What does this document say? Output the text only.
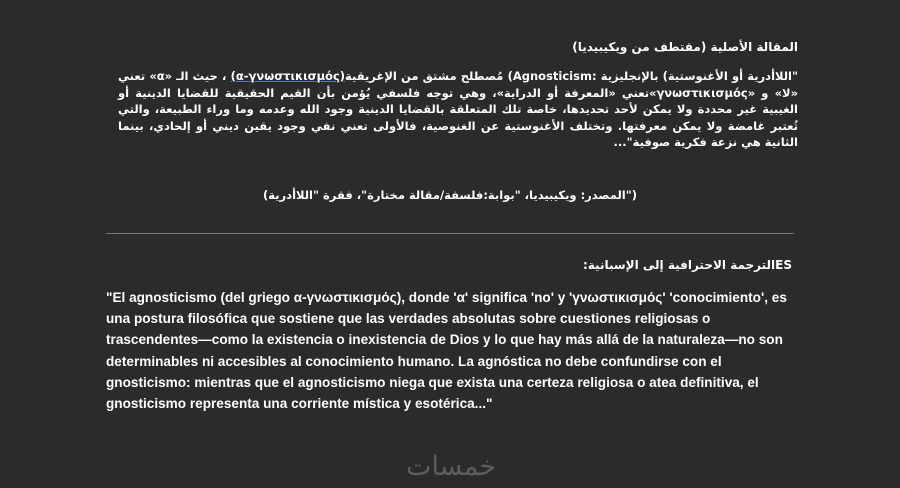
المقالة الأصلية (مقتطف من ويكيبيديا)
"اللاأدرية أو الأغنوستية) بالإنجليزية :Agnosticism) مُصطلح مشتق من الإغريقية(α-γνωστικισμός) ، حيث الـ «α» تعني «لا» و «γνωστικισμός»تعني «المعرفة أو الدراية»، وهي توجه فلسفي يُؤمن بأن القيم الحقيقية للقضايا الدينية أو الغيبية غير محددة ولا يمكن لأحد تحديدها، خاصة تلك المتعلقة بالقضايا الدينية وجود الله وعدمه وما وراء الطبيعة، والتي تُعتبر غامضة ولا يمكن معرفتها. وتختلف الأغنوستية عن الغنوصية، فالأولى تعني نفي وجود يقين ديني أو إلحادي، بينما الثانية هي نزعة فكرية صوفية"...
("المصدر: ويكيبيديا، "بوابة:فلسفة/مقالة مختارة"، فقرة "اللاأدرية)
ESالترجمة الاحترافية إلى الإسبانية:
"El agnosticismo (del griego α-γνωστικισμός), donde 'α' significa 'no' y 'γνωστικισμός' 'conocimiento', es una postura filosófica que sostiene que las verdades absolutas sobre cuestiones religiosas o trascendentes—como la existencia o inexistencia de Dios y lo que hay más allá de la naturaleza—no son determinables ni accesibles al conocimiento humano. La agnóstica no debe confundirse con el gnosticismo: mientras que el agnosticismo niega que exista una certeza religiosa o atea definitiva, el gnosticismo representa una corriente mística y esotérica..."
خمسات
